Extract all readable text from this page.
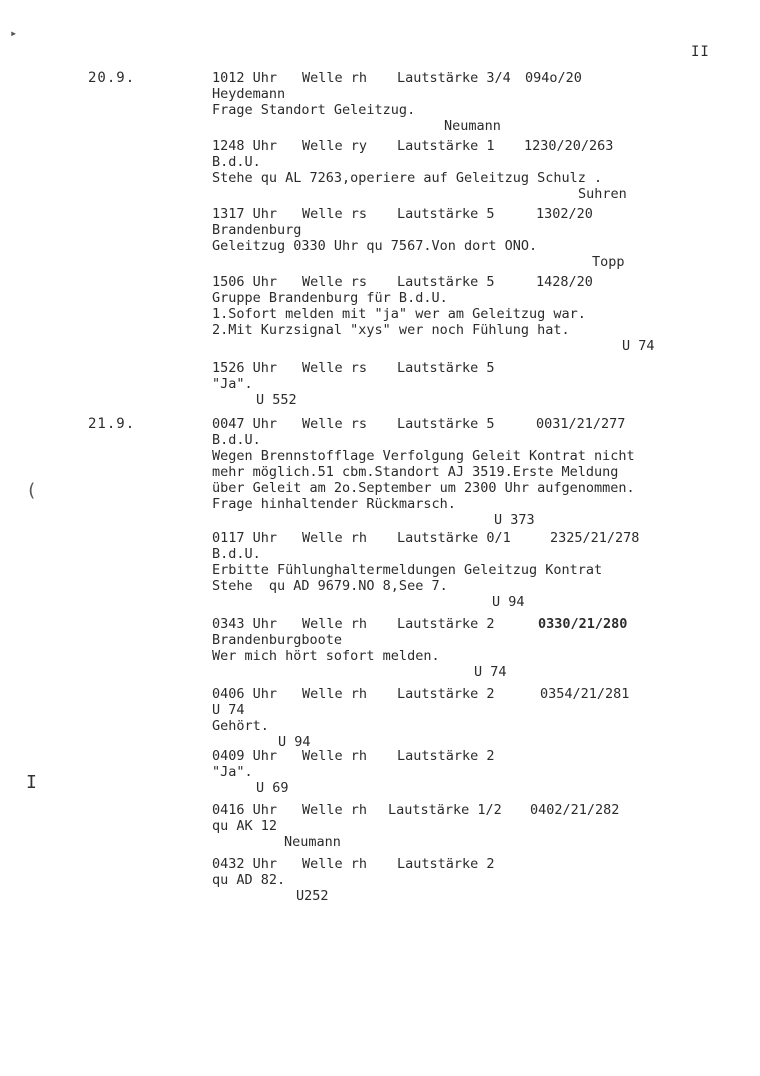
▸
(
I
II
20.9.	1012 Uhr Welle rh Lautstärke 3/4 094o/20
Heydemann
Frage Standort Geleitzug.
Neumann
1248 Uhr Welle ry Lautstärke 1 1230/20/263
B.d.U.
Stehe qu AL 7263,operiere auf Geleitzug Schulz .
Suhren
1317 Uhr Welle rs Lautstärke 5	1302/20
Brandenburg
Geleitzug 0330 Uhr qu 7567.Von dort ONO.
Topp
1506 Uhr Welle rs Lautstärke 5	1428/20
Gruppe Brandenburg für B.d.U.
1.Sofort melden mit "ja" wer am Geleitzug war.
2.Mit Kurzsignal "xys" wer noch Fühlung hat.
U 74
1526 Uhr Welle rs Lautstärke 5
"Ja".
U 552
21.9.	0047 Uhr Welle rs Lautstärke 5	0031/21/277
B.d.U.
Wegen Brennstofflage Verfolgung Geleit Kontrat nicht
mehr möglich.51 cbm.Standort AJ 3519.Erste Meldung
über Geleit am 2o.September um 2300 Uhr aufgenommen.
Frage hinhaltender Rückmarsch.
U 373
0117 Uhr Welle rh Lautstärke 0/1	2325/21/278
B.d.U.
Erbitte Fühlunghaltermeldungen Geleitzug Kontrat
Stehe  qu AD 9679.NO 8,See 7.
U 94
0343 Uhr Welle rh Lautstärke 2	0330/21/280
Brandenburgboote
Wer mich hört sofort melden.
U 74
0406 Uhr Welle rh Lautstärke 2	0354/21/281
U 74
Gehört.
U 94
0409 Uhr Welle rh Lautstärke 2
"Ja".
U 69
0416 Uhr Welle rh Lautstärke 1/2 0402/21/282
qu AK 12
Neumann
0432 Uhr Welle rh Lautstärke 2
qu AD 82.
U252
